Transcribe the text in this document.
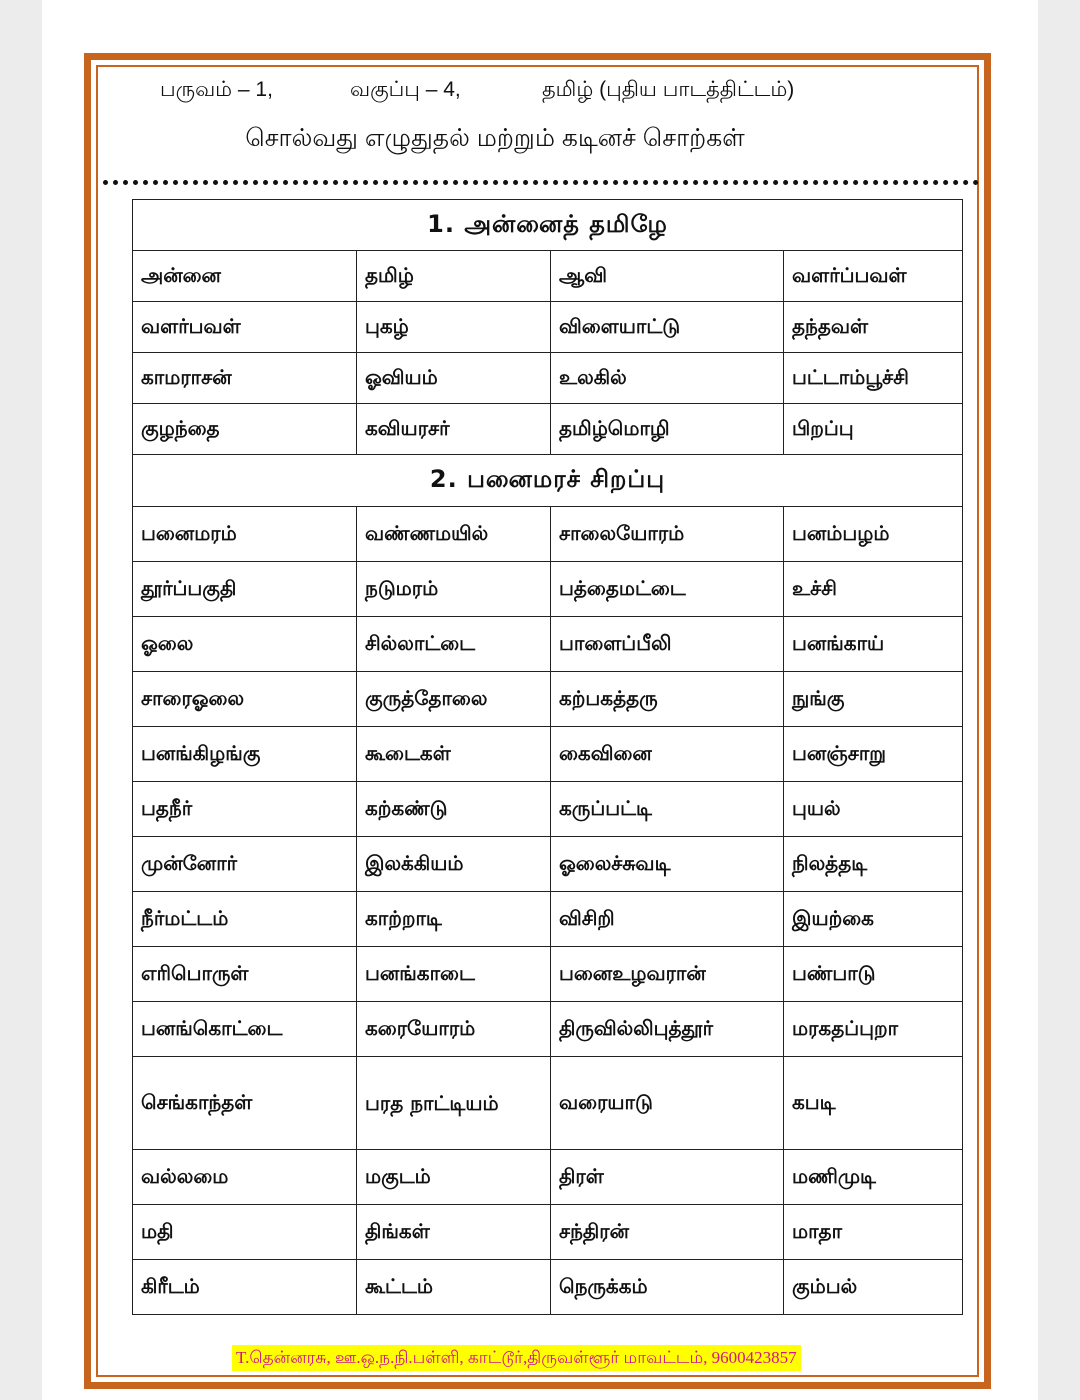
பருவம் – 1,	வகுப்பு – 4,	தமிழ் (புதிய பாடத்திட்டம்)
சொல்வது எழுதுதல் மற்றும் கடினச் சொற்கள்
1. அன்னைத் தமிழே			
அன்னை	தமிழ்	ஆவி	வளர்ப்பவள்
வளர்பவள்	புகழ்	விளையாட்டு	தந்தவள்
காமராசன்	ஓவியம்	உலகில்	பட்டாம்பூச்சி
குழந்தை	கவியரசர்	தமிழ்மொழி	பிறப்பு
2. பனைமரச் சிறப்பு			
பனைமரம்	வண்ணமயில்	சாலையோரம்	பனம்பழம்
தூர்ப்பகுதி	நடுமரம்	பத்தைமட்டை	உச்சி
ஓலை	சில்லாட்டை	பாளைப்பீலி	பனங்காய்
சாரைஓலை	குருத்தோலை	கற்பகத்தரு	நுங்கு
பனங்கிழங்கு	கூடைகள்	கைவினை	பனஞ்சாறு
பதநீர்	கற்கண்டு	கருப்பட்டி	புயல்
முன்னோர்	இலக்கியம்	ஓலைச்சுவடி	நிலத்தடி
நீர்மட்டம்	காற்றாடி	விசிறி	இயற்கை
எரிபொருள்	பனங்காடை	பனைஉழவரான்	பண்பாடு
பனங்கொட்டை	கரையோரம்	திருவில்லிபுத்தூர்	மரகதப்புறா
செங்காந்தள்	பரத நாட்டியம்	வரையாடு	கபடி
வல்லமை	மகுடம்	திரள்	மணிமுடி
மதி	திங்கள்	சந்திரன்	மாதா
கிரீடம்	கூட்டம்	நெருக்கம்	கும்பல்
T.தென்னரசு, ஊ.ஒ.ந.நி.பள்ளி, காட்டூர்,திருவள்ளூர் மாவட்டம், 9600423857
